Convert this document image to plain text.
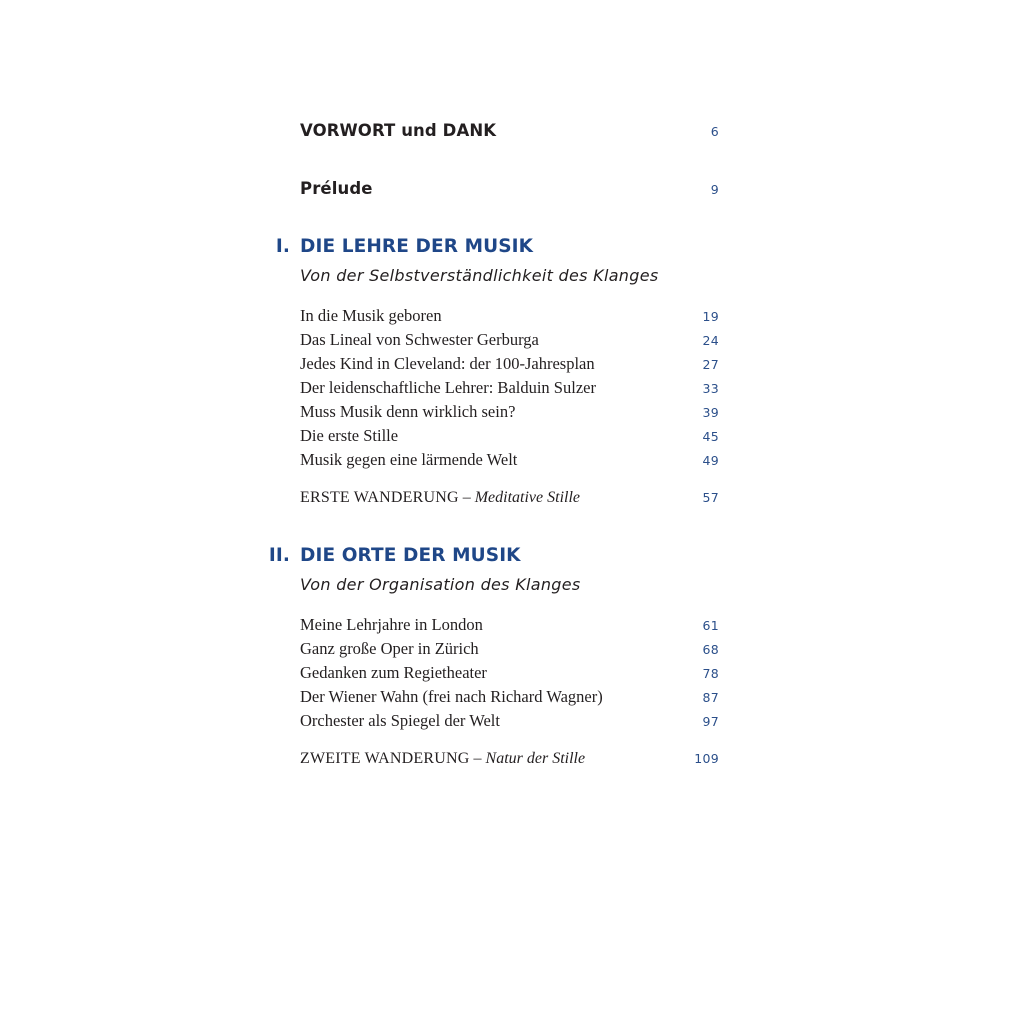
VORWORT und DANK	6
Prélude	9
I. DIE LEHRE DER MUSIK
Von der Selbstverständlichkeit des Klanges
In die Musik geboren	19
Das Lineal von Schwester Gerburga	24
Jedes Kind in Cleveland: der 100-Jahresplan	27
Der leidenschaftliche Lehrer: Balduin Sulzer	33
Muss Musik denn wirklich sein?	39
Die erste Stille	45
Musik gegen eine lärmende Welt	49
ERSTE WANDERUNG – Meditative Stille	57
II. DIE ORTE DER MUSIK
Von der Organisation des Klanges
Meine Lehrjahre in London	61
Ganz große Oper in Zürich	68
Gedanken zum Regietheater	78
Der Wiener Wahn (frei nach Richard Wagner)	87
Orchester als Spiegel der Welt	97
ZWEITE WANDERUNG – Natur der Stille	109
